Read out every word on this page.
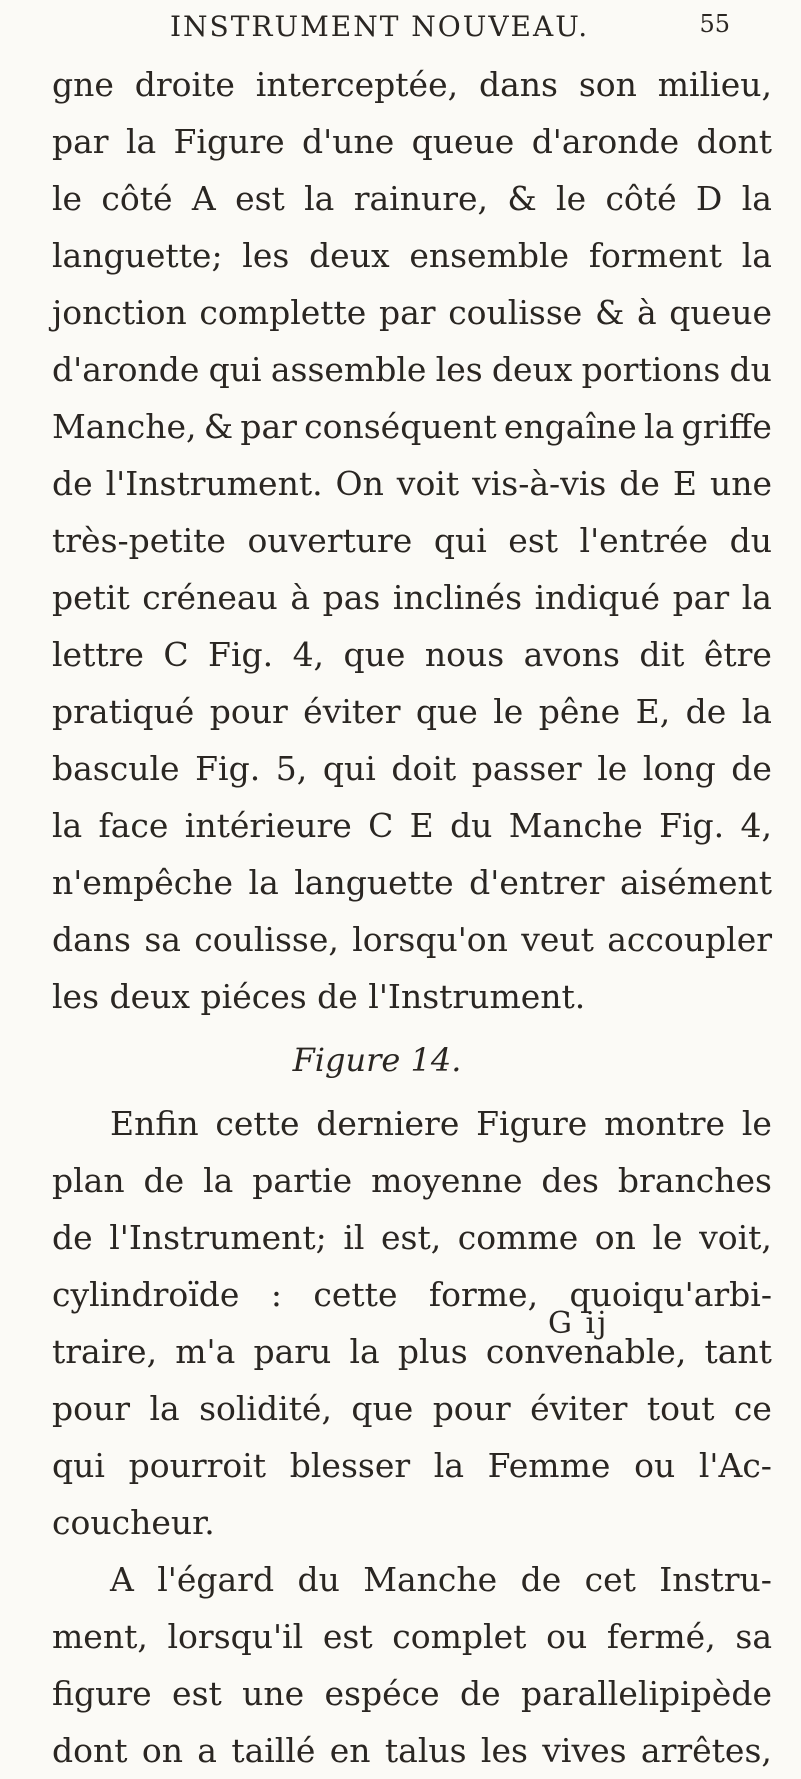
INSTRUMENT NOUVEAU.	55
gne droite interceptée, dans son milieu,
par la Figure d'une queue d'aronde dont
le côté A est la rainure, & le côté D la
languette; les deux ensemble forment la
jonction complette par coulisse & à queue
d'aronde qui assemble les deux portions du
Manche, & par conséquent engaîne la griffe
de l'Instrument. On voit vis-à-vis de E une
très-petite ouverture qui est l'entrée du
petit créneau à pas inclinés indiqué par la
lettre C Fig. 4, que nous avons dit être
pratiqué pour éviter que le pêne E, de la
bascule Fig. 5, qui doit passer le long de
la face intérieure C E du Manche Fig. 4,
n'empêche la languette d'entrer aisément
dans sa coulisse, lorsqu'on veut accoupler
les deux piéces de l'Instrument.
Figure 14.
Enfin cette derniere Figure montre le
plan de la partie moyenne des branches
de l'Instrument; il est, comme on le voit,
cylindroïde : cette forme, quoiqu'arbi-
traire, m'a paru la plus convenable, tant
pour la solidité, que pour éviter tout ce
qui pourroit blesser la Femme ou l'Ac-
coucheur.
A l'égard du Manche de cet Instru-
ment, lorsqu'il est complet ou fermé, sa
figure est une espéce de parallelipipède
dont on a taillé en talus les vives arrêtes,
G ij
